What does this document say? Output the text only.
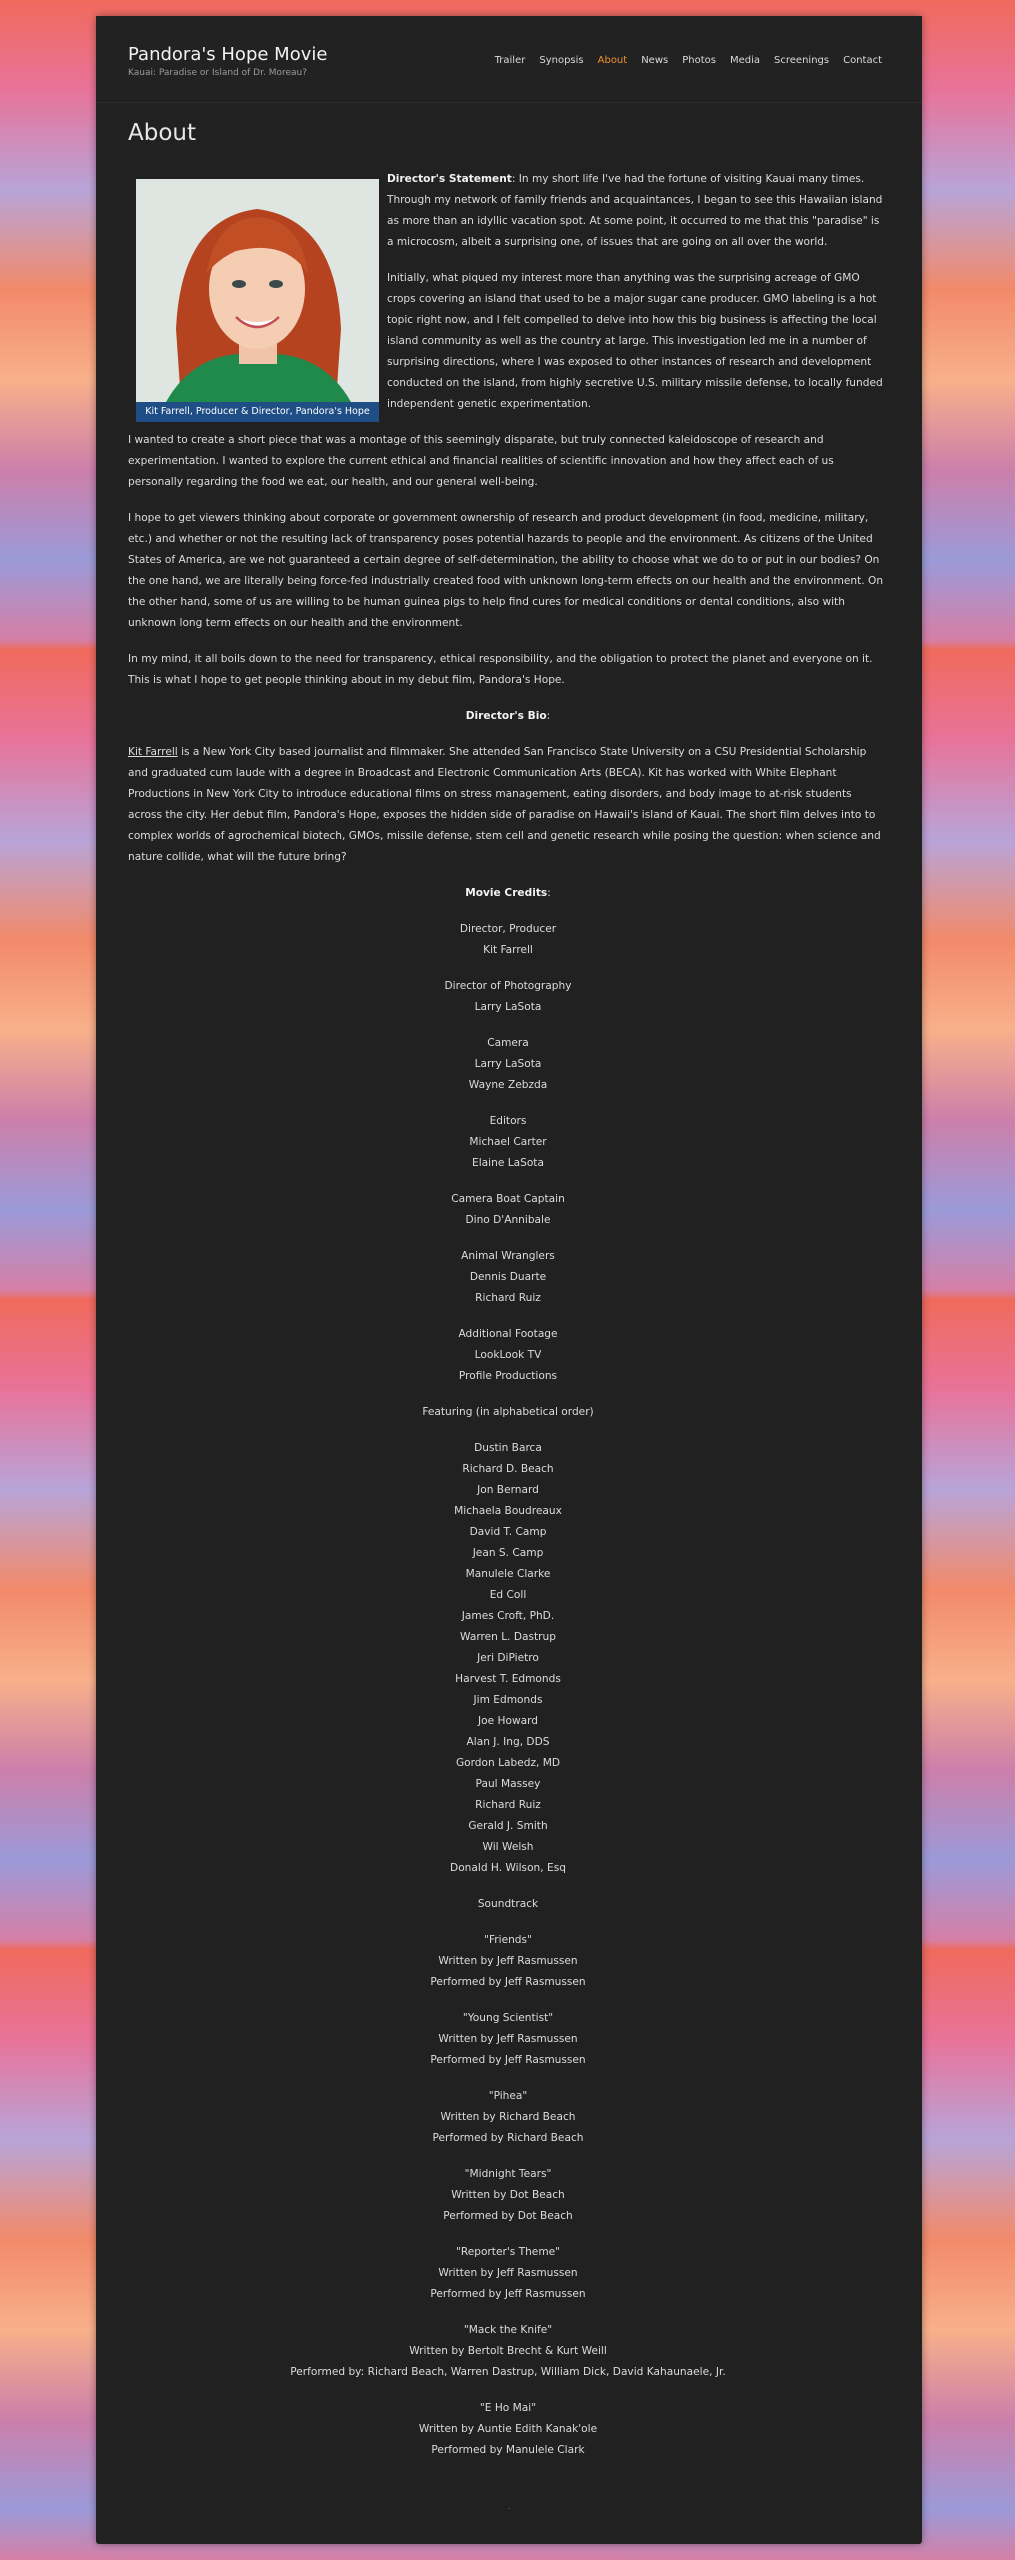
Pandora's Hope Movie
Kauai: Paradise or Island of Dr. Moreau?
Trailer Synopsis About News Photos Media Screenings Contact
About
Kit Farrell, Producer & Director, Pandora's Hope

Director's Statement: In my short life I've had the fortune of visiting Kauai many times. Through my network of family friends and acquaintances, I began to see this Hawaiian island as more than an idyllic vacation spot. At some point, it occurred to me that this "paradise" is a microcosm, albeit a surprising one, of issues that are going on all over the world.

Initially, what piqued my interest more than anything was the surprising acreage of GMO crops covering an island that used to be a major sugar cane producer. GMO labeling is a hot topic right now, and I felt compelled to delve into how this big business is affecting the local island community as well as the country at large. This investigation led me in a number of surprising directions, where I was exposed to other instances of research and development conducted on the island, from highly secretive U.S. military missile defense, to locally funded independent genetic experimentation.

I wanted to create a short piece that was a montage of this seemingly disparate, but truly connected kaleidoscope of research and experimentation. I wanted to explore the current ethical and financial realities of scientific innovation and how they affect each of us personally regarding the food we eat, our health, and our general well-being.

I hope to get viewers thinking about corporate or government ownership of research and product development (in food, medicine, military, etc.) and whether or not the resulting lack of transparency poses potential hazards to people and the environment. As citizens of the United States of America, are we not guaranteed a certain degree of self-determination, the ability to choose what we do to or put in our bodies? On the one hand, we are literally being force-fed industrially created food with unknown long-term effects on our health and the environment. On the other hand, some of us are willing to be human guinea pigs to help find cures for medical conditions or dental conditions, also with unknown long term effects on our health and the environment.

In my mind, it all boils down to the need for transparency, ethical responsibility, and the obligation to protect the planet and everyone on it. This is what I hope to get people thinking about in my debut film, Pandora's Hope.

Director's Bio:

Kit Farrell is a New York City based journalist and filmmaker. She attended San Francisco State University on a CSU Presidential Scholarship and graduated cum laude with a degree in Broadcast and Electronic Communication Arts (BECA). Kit has worked with White Elephant Productions in New York City to introduce educational films on stress management, eating disorders, and body image to at-risk students across the city. Her debut film, Pandora's Hope, exposes the hidden side of paradise on Hawaii's island of Kauai. The short film delves into to complex worlds of agrochemical biotech, GMOs, missile defense, stem cell and genetic research while posing the question: when science and nature collide, what will the future bring?

Movie Credits:

Director, Producer
Kit Farrell
Director of Photography
Larry LaSota
Camera
Larry LaSota
Wayne Zebzda
Editors
Michael Carter
Elaine LaSota
Camera Boat Captain
Dino D'Annibale
Animal Wranglers
Dennis Duarte
Richard Ruiz
Additional Footage
LookLook TV
Profile Productions
Featuring (in alphabetical order)
Dustin Barca
Richard D. Beach
Jon Bernard
Michaela Boudreaux
David T. Camp
Jean S. Camp
Manulele Clarke
Ed Coll
James Croft, PhD.
Warren L. Dastrup
Jeri DiPietro
Harvest T. Edmonds
Jim Edmonds
Joe Howard
Alan J. Ing, DDS
Gordon Labedz, MD
Paul Massey
Richard Ruiz
Gerald J. Smith
Wil Welsh
Donald H. Wilson, Esq
Soundtrack
"Friends"
Written by Jeff Rasmussen
Performed by Jeff Rasmussen
"Young Scientist"
Written by Jeff Rasmussen
Performed by Jeff Rasmussen
"Pihea"
Written by Richard Beach
Performed by Richard Beach
"Midnight Tears"
Written by Dot Beach
Performed by Dot Beach
"Reporter's Theme"
Written by Jeff Rasmussen
Performed by Jeff Rasmussen
"Mack the Knife"
Written by Bertolt Brecht & Kurt Weill
Performed by: Richard Beach, Warren Dastrup, William Dick, David Kahaunaele, Jr.
"E Ho Mai"
Written by Auntie Edith Kanak'ole
Performed by Manulele Clark
.
